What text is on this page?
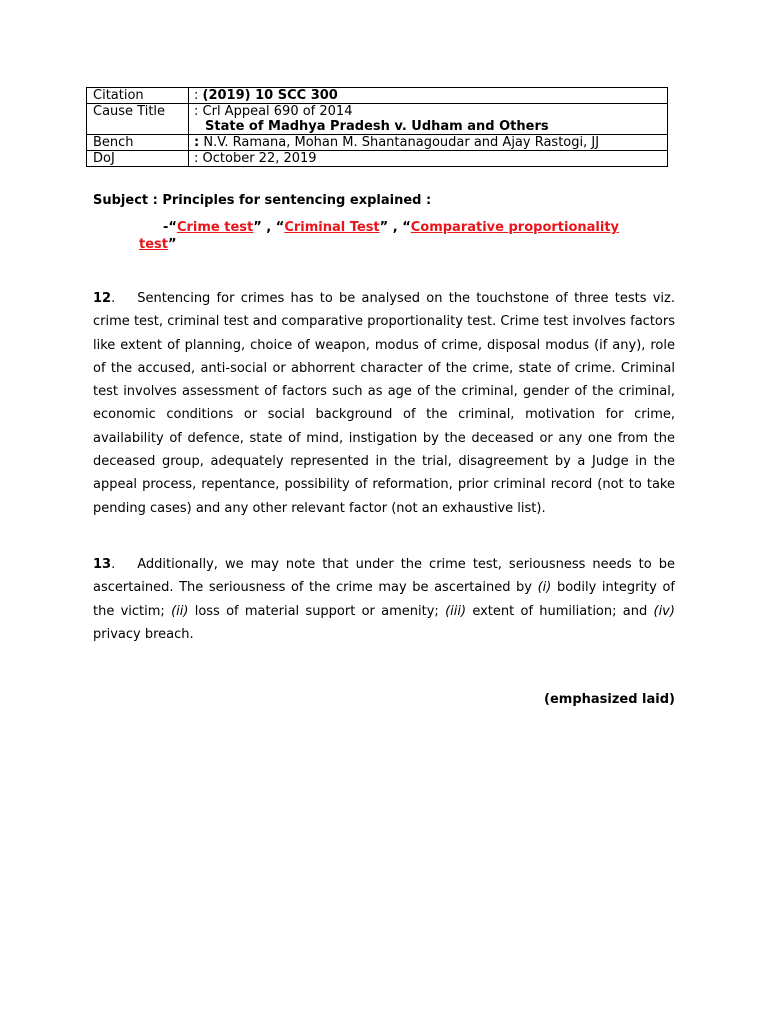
Citation	: (2019) 10 SCC 300
Cause Title	: Crl Appeal 690 of 2014
State of Madhya Pradesh v. Udham and Others
Bench	: N.V. Ramana, Mohan M. Shantanagoudar and Ajay Rastogi, JJ
DoJ	: October 22, 2019
Subject : Principles for sentencing explained :
-“Crime test” , “Criminal Test” , “Comparative proportionality
test”
12. Sentencing for crimes has to be analysed on the touchstone of three tests viz. crime test, criminal test and comparative proportionality test. Crime test involves factors like extent of planning, choice of weapon, modus of crime, disposal modus (if any), role of the accused, anti-social or abhorrent character of the crime, state of crime. Criminal test involves assessment of factors such as age of the criminal, gender of the criminal, economic conditions or social background of the criminal, motivation for crime, availability of defence, state of mind, instigation by the deceased or any one from the deceased group, adequately represented in the trial, disagreement by a Judge in the appeal process, repentance, possibility of reformation, prior criminal record (not to take pending cases) and any other relevant factor (not an exhaustive list).
13. Additionally, we may note that under the crime test, seriousness needs to be ascertained. The seriousness of the crime may be ascertained by (i) bodily integrity of the victim; (ii) loss of material support or amenity; (iii) extent of humiliation; and (iv) privacy breach.
(emphasized laid)
